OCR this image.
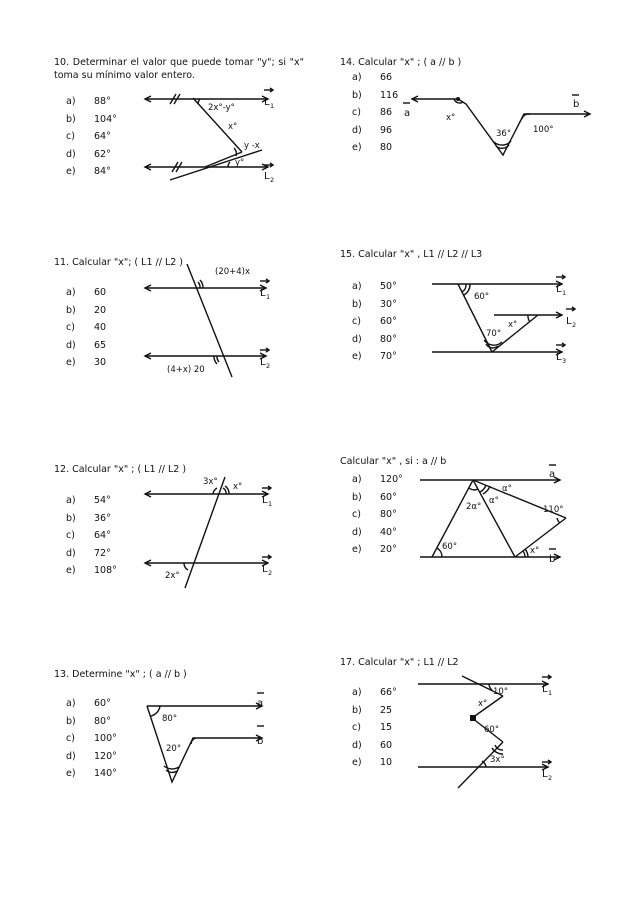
10. Determinar el valor que puede tomar "y"; si "x" toma su mínimo valor entero.
a)	88°
b)	104°
c)	64°
d)	62°
e)	84°
2x°-y°
x°
y -x
y°
L 1
L 2
11. Calcular "x"; ( L1 // L2 )
a)	60
b)	20
c)	40
d)	65
e)	30
(20+4)x
(4+x) 20
L 1
L 2
12. Calcular "x" ; ( L1 // L2 )
a)	54°
b)	36°
c)	64°
d)	72°
e)	108°
3x° x°
2x°
L 1
L 2
13. Determine "x" ; ( a // b )
a)	60°
b)	80°
c)	100°
d)	120°
e)	140°
80°
20°
a
b
14. Calcular "x" ; ( a // b )
a)	66
b)	116
c)	86
d)	96
e)	80
x°
36°	100°
a
b
15. Calcular "x" , L1 // L2 // L3
a)	50°
b)	30°
c)	60°
d)	80°
e)	70°
60°
x°
70°
L 1
L 2
L 3
Calcular "x" , si : a // b
a)	120°
b)	60°
c)	80°
d)	40°
e)	20°
2α°
α°
α°
110°
60°	x°
a
b
17. Calcular "x" ; L1 // L2
a)	66°
b)	25
c)	15
d)	60
e)	10
10°
x°
60°
3x°
L 1
L 2
